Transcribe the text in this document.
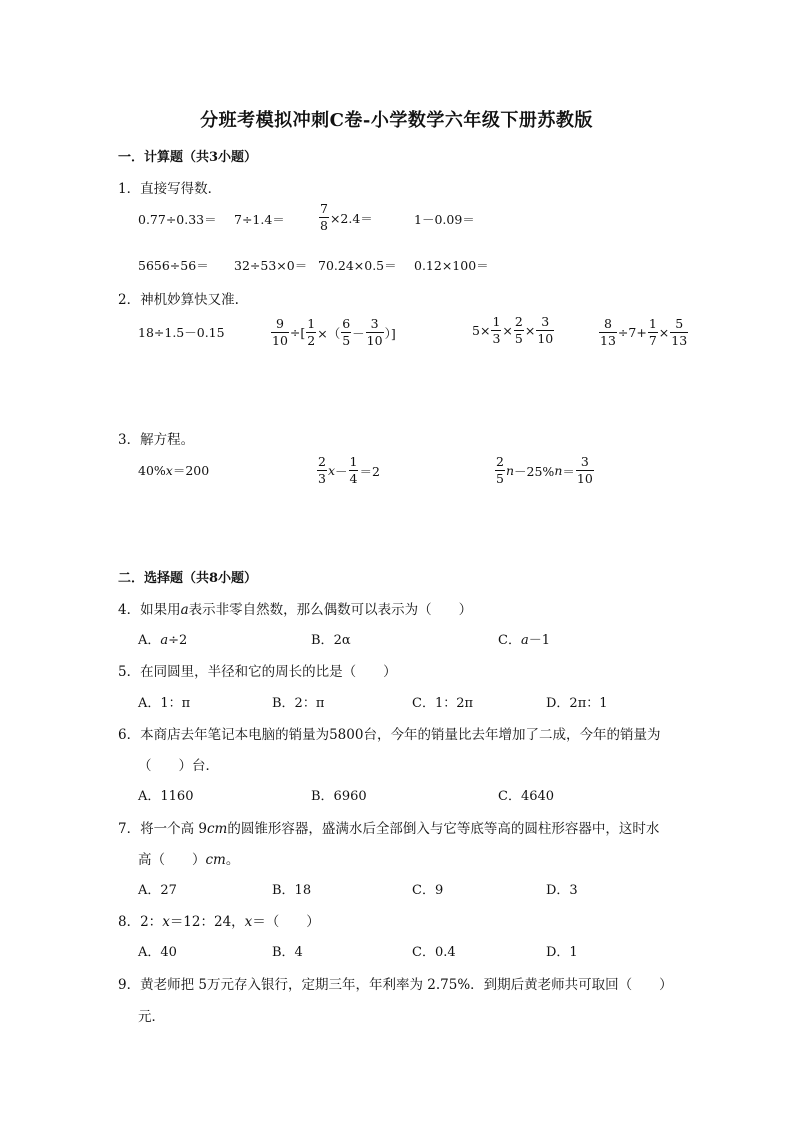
分班考模拟冲刺C卷-小学数学六年级下册苏教版
一．计算题（共3小题）
1．直接写得数．
0.77÷0.33＝ 7÷1.4＝	$\frac{7}{8} \times 2.4=$	1－0.09＝
5656÷56＝ 32÷53×0＝ 70.24×0.5＝ 0.12×100＝
2．神机妙算快又准.
18÷1.5－0.15	$\frac{9}{10}$ ÷[ $\frac{1}{2}$ ×（ $\frac{6}{5} - \frac{3}{10}$ ）]	$5\times \frac{1}{3} \times \frac{2}{5} \times \frac{3}{10}$	$\frac{8}{13} \div 7+ \frac{1}{7} \times \frac{5}{13}$
3．解方程。
40%x＝200	$\frac{2}{3}$ $x - \frac{1}{4} =2$	$\frac{2}{5}$ n －25% $n = \frac{3}{10}$
二．选择题（共8小题）
4．如果用a表示非零自然数，那么偶数可以表示为（　　）
A．a÷2	B．2α	C．a－1
5．在同圆里，半径和它的周长的比是（　　）
A．1：π	B．2：π	C．1：2π	D．2π：1
6．本商店去年笔记本电脑的销量为5800台，今年的销量比去年增加了二成，今年的销量为
（　　）台．
A．1160	B．6960	C．4640
7．将一个高 9cm的圆锥形容器，盛满水后全部倒入与它等底等高的圆柱形容器中，这时水
高（　　）cm。
A．27	B．18	C．9	D．3
8．2：x＝12：24，x＝（　　）
A．40	B．4	C．0.4	D．1
9．黄老师把 5万元存入银行，定期三年，年利率为 2.75%．到期后黄老师共可取回（　　）
元．
